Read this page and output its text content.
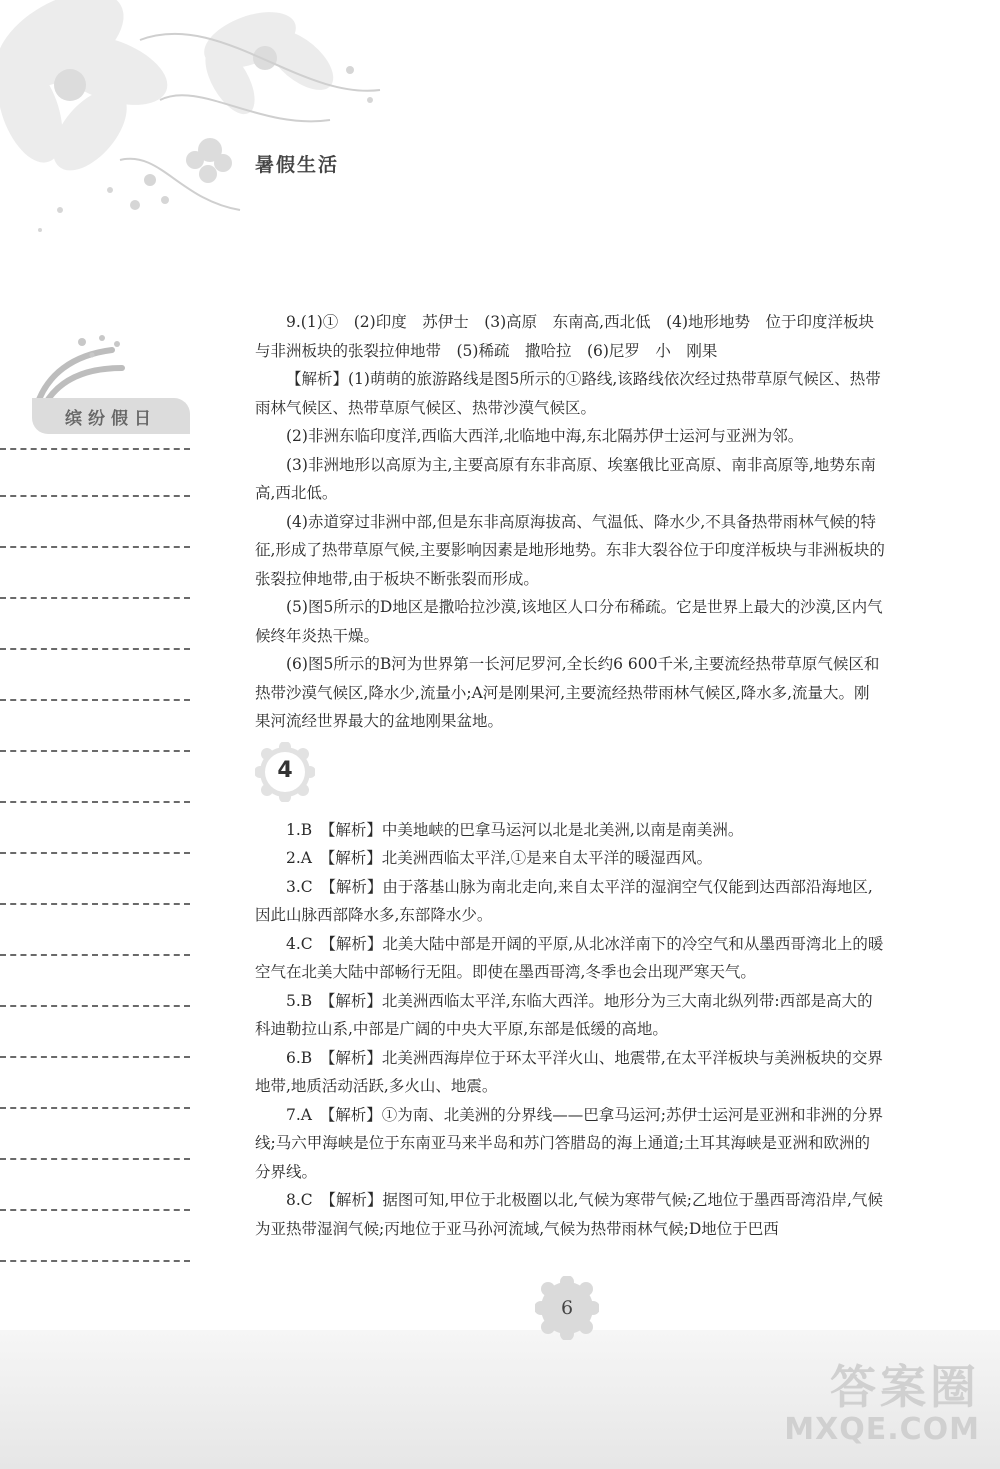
暑假生活
缤纷假日

9.(1)①　(2)印度　苏伊士　(3)高原　东南高,西北低　(4)地形地势　位于印度洋板块与非洲板块的张裂拉伸地带　(5)稀疏　撒哈拉　(6)尼罗　小　刚果

【解析】(1)萌萌的旅游路线是图5所示的①路线,该路线依次经过热带草原气候区、热带雨林气候区、热带草原气候区、热带沙漠气候区。

(2)非洲东临印度洋,西临大西洋,北临地中海,东北隔苏伊士运河与亚洲为邻。

(3)非洲地形以高原为主,主要高原有东非高原、埃塞俄比亚高原、南非高原等,地势东南高,西北低。

(4)赤道穿过非洲中部,但是东非高原海拔高、气温低、降水少,不具备热带雨林气候的特征,形成了热带草原气候,主要影响因素是地形地势。东非大裂谷位于印度洋板块与非洲板块的张裂拉伸地带,由于板块不断张裂而形成。

(5)图5所示的D地区是撒哈拉沙漠,该地区人口分布稀疏。它是世界上最大的沙漠,区内气候终年炎热干燥。

(6)图5所示的B河为世界第一长河尼罗河,全长约6 600千米,主要流经热带草原气候区和热带沙漠气候区,降水少,流量小;A河是刚果河,主要流经热带雨林气候区,降水多,流量大。刚果河流经世界最大的盆地刚果盆地。

4

1.B　【解析】中美地峡的巴拿马运河以北是北美洲,以南是南美洲。

2.A　【解析】北美洲西临太平洋,①是来自太平洋的暖湿西风。

3.C　【解析】由于落基山脉为南北走向,来自太平洋的湿润空气仅能到达西部沿海地区,因此山脉西部降水多,东部降水少。

4.C　【解析】北美大陆中部是开阔的平原,从北冰洋南下的冷空气和从墨西哥湾北上的暖空气在北美大陆中部畅行无阻。即使在墨西哥湾,冬季也会出现严寒天气。

5.B　【解析】北美洲西临太平洋,东临大西洋。地形分为三大南北纵列带:西部是高大的科迪勒拉山系,中部是广阔的中央大平原,东部是低缓的高地。

6.B　【解析】北美洲西海岸位于环太平洋火山、地震带,在太平洋板块与美洲板块的交界地带,地质活动活跃,多火山、地震。

7.A　【解析】①为南、北美洲的分界线——巴拿马运河;苏伊士运河是亚洲和非洲的分界线;马六甲海峡是位于东南亚马来半岛和苏门答腊岛的海上通道;土耳其海峡是亚洲和欧洲的分界线。

8.C　【解析】据图可知,甲位于北极圈以北,气候为寒带气候;乙地位于墨西哥湾沿岸,气候为亚热带湿润气候;丙地位于亚马孙河流域,气候为热带雨林气候;D地位于巴西

6
答案圈
MXQE.COM
